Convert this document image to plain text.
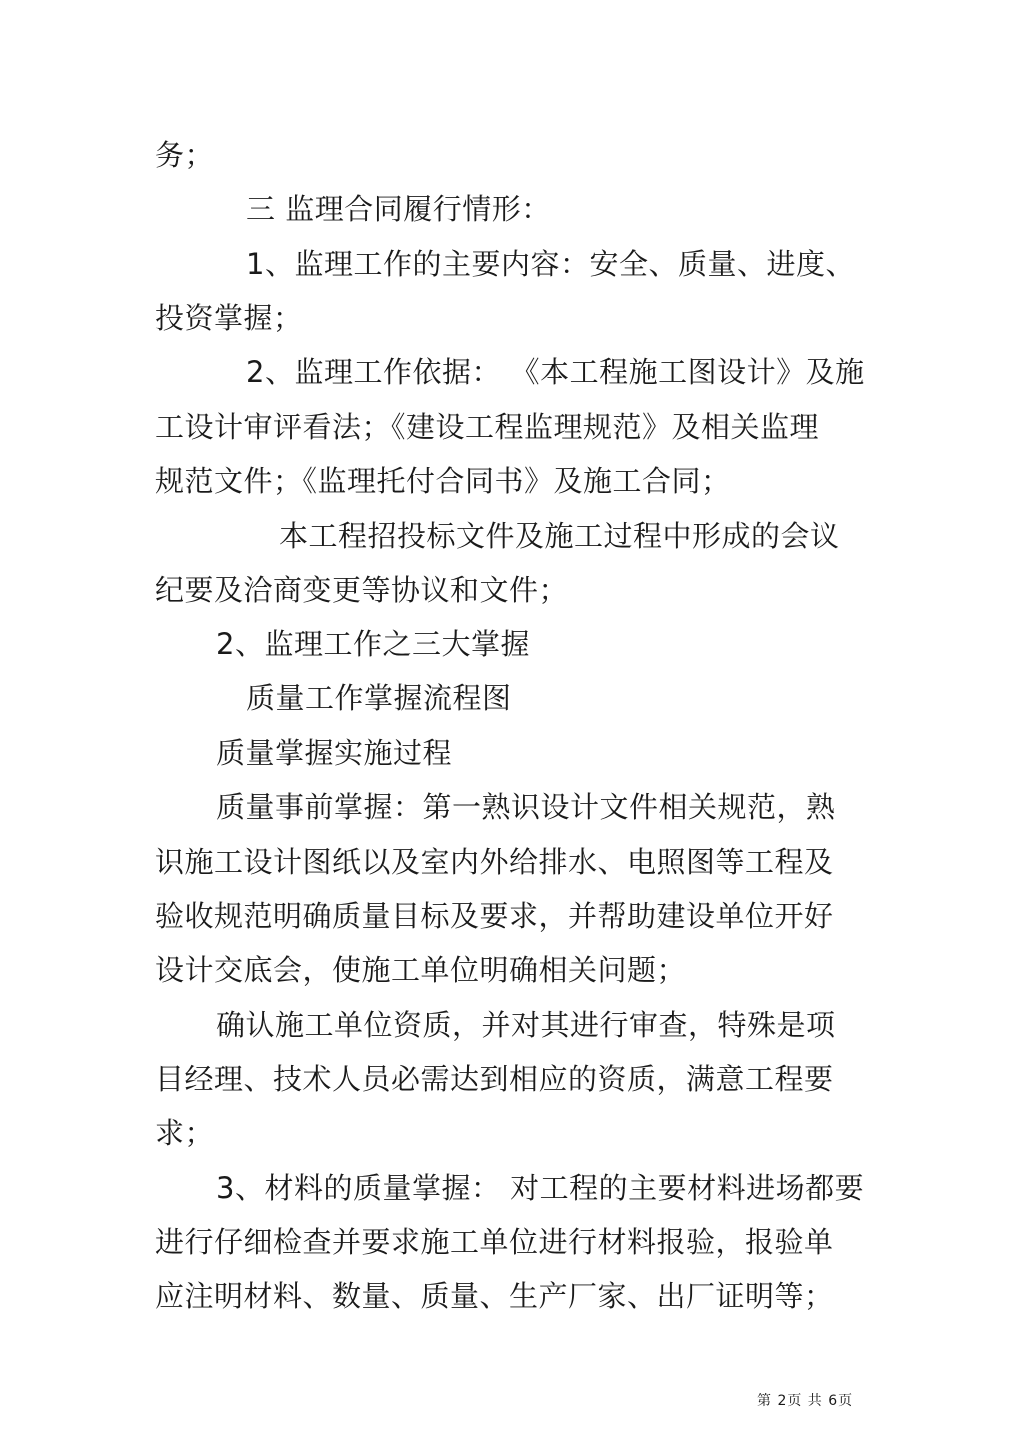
务；
三 监理合同履行情形：
1、监理工作的主要内容：安全、质量、进度、
投资掌握；
2、监理工作依据： 《本工程施工图设计》及施
工设计审评看法；《建设工程监理规范》及相关监理
规范文件；《监理托付合同书》及施工合同；
本工程招投标文件及施工过程中形成的会议
纪要及洽商变更等协议和文件；
2、监理工作之三大掌握
质量工作掌握流程图
质量掌握实施过程
质量事前掌握：第一熟识设计文件相关规范，熟
识施工设计图纸以及室内外给排水、电照图等工程及
验收规范明确质量目标及要求，并帮助建设单位开好
设计交底会，使施工单位明确相关问题；
确认施工单位资质，并对其进行审查，特殊是项
目经理、技术人员必需达到相应的资质，满意工程要
求；
3、材料的质量掌握： 对工程的主要材料进场都要
进行仔细检查并要求施工单位进行材料报验，报验单
应注明材料、数量、质量、生产厂家、出厂证明等；
第 2页 共 6页
